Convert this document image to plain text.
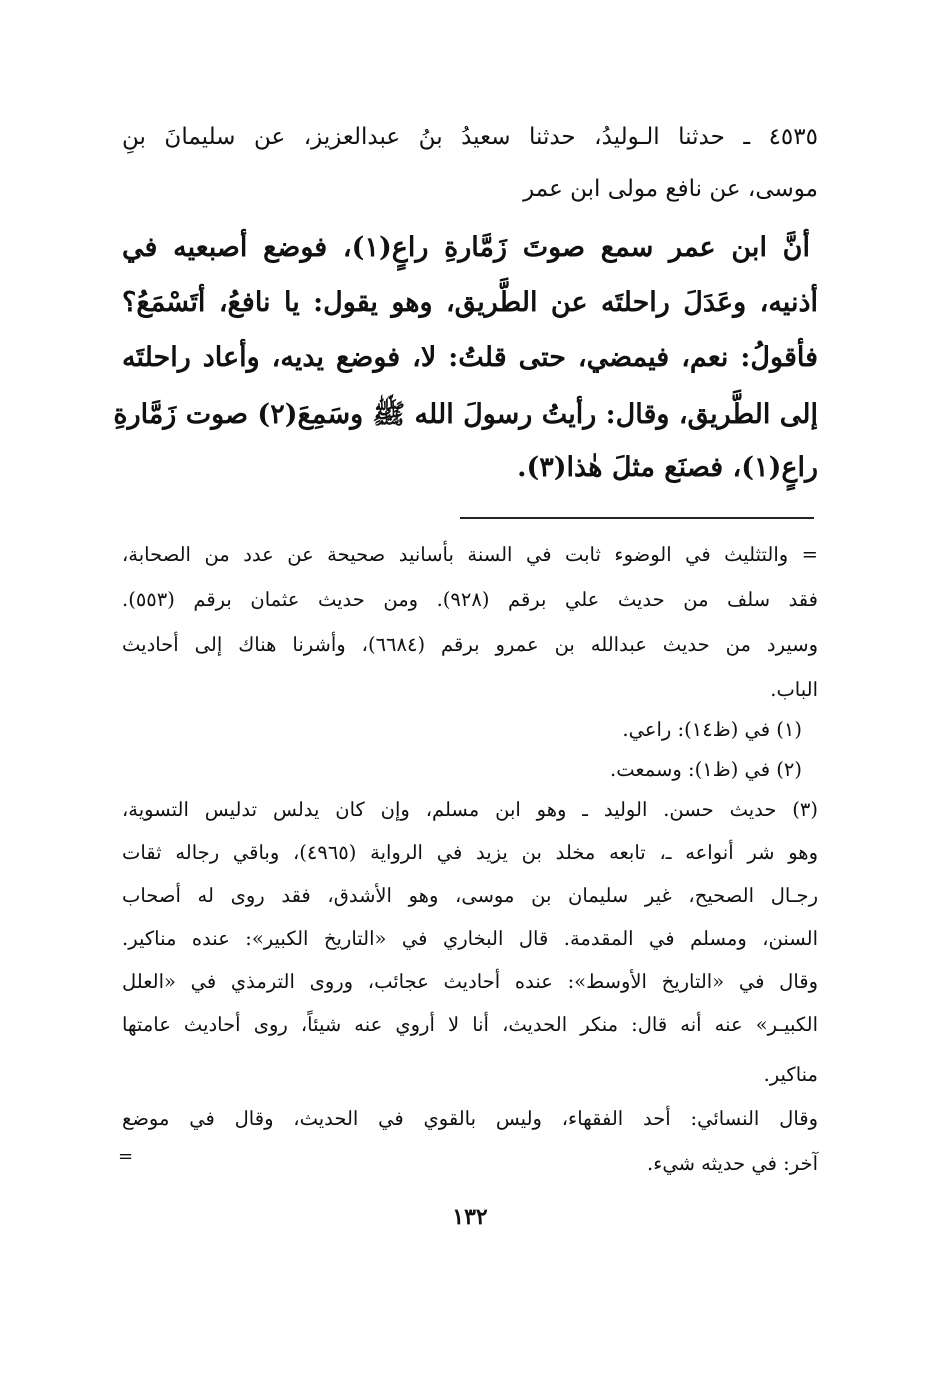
٤٥٣٥ ـ حدثنا الـوليدُ، حدثنا سعيدُ بنُ عبدالعزيز، عن سليمانَ بنِ

موسى، عن نافع مولى ابن عمر

أنَّ ابن عمر سمع صوتَ زَمَّارةِ راعٍ(١)، فوضع أصبعيه في

أذنيه، وعَدَلَ راحلتَه عن الطَّريق، وهو يقول: يا نافعُ، أتَسْمَعُ؟

فأقولُ: نعم، فيمضي، حتى قلتُ: لا، فوضع يديه، وأعاد راحلتَه

إلى الطَّريق، وقال: رأيتُ رسولَ الله ﷺ وسَمِعَ(٢) صوت زَمَّارةِ

راعٍ(١)، فصنَع مثلَ هٰذا(٣).

= والتثليث في الوضوء ثابت في السنة بأسانيد صحيحة عن عدد من الصحابة،

فقد سلف من حديث علي برقم (٩٢٨). ومن حديث عثمان برقم (٥٥٣).

وسيرد من حديث عبدالله بن عمرو برقم (٦٦٨٤)، وأشرنا هناك إلى أحاديث

الباب.

(١) في (ظ١٤): راعي.

(٢) في (ظ١): وسمعت.

(٣) حديث حسن. الوليد ـ وهو ابن مسلم، وإن كان يدلس تدليس التسوية،

وهو شر أنواعه ـ، تابعه مخلد بن يزيد في الرواية (٤٩٦٥)، وباقي رجاله ثقات

رجـال الصحيح، غير سليمان بن موسى، وهو الأشدق، فقد روى له أصحاب

السنن، ومسلم في المقدمة. قال البخاري في «التاريخ الكبير»: عنده مناكير.

وقال في «التاريخ الأوسط»: عنده أحاديث عجائب، وروى الترمذي في «العلل

الكبيـر» عنه أنه قال: منكر الحديث، أنا لا أروي عنه شيئاً، روى أحاديث عامتها

مناكير.

وقال النسائي: أحد الفقهاء، وليس بالقوي في الحديث، وقال في موضع

آخر: في حديثه شيء.

=
١٣٢
